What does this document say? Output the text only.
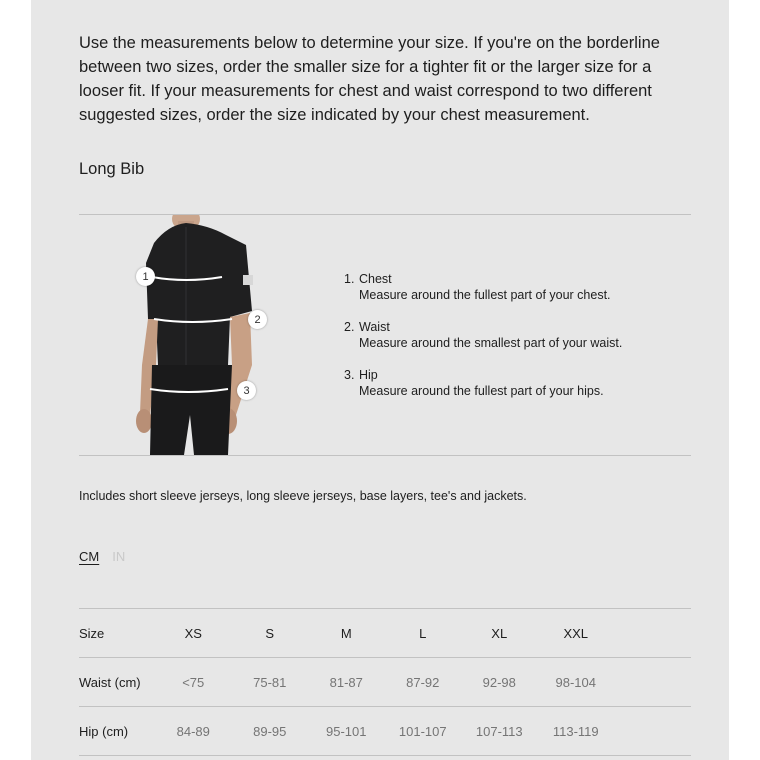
Use the measurements below to determine your size. If you're on the borderline between two sizes, order the smaller size for a tighter fit or the larger size for a looser fit. If your measurements for chest and waist correspond to two different suggested sizes, order the size indicated by your chest measurement.

Long Bib
1
2
3
1. Chest
Measure around the fullest part of your chest.
2. Waist
Measure around the smallest part of your waist.
3. Hip
Measure around the fullest part of your hips.

Includes short sleeve jerseys, long sleeve jerseys, base layers, tee's and jackets.

CM IN
Size	XS	S	M	L	XL	XXL	
Waist (cm)	<75	75-81	81-87	87-92	92-98	98-104	
Hip (cm)	84-89	89-95	95-101	101-107	107-113	113-119	
